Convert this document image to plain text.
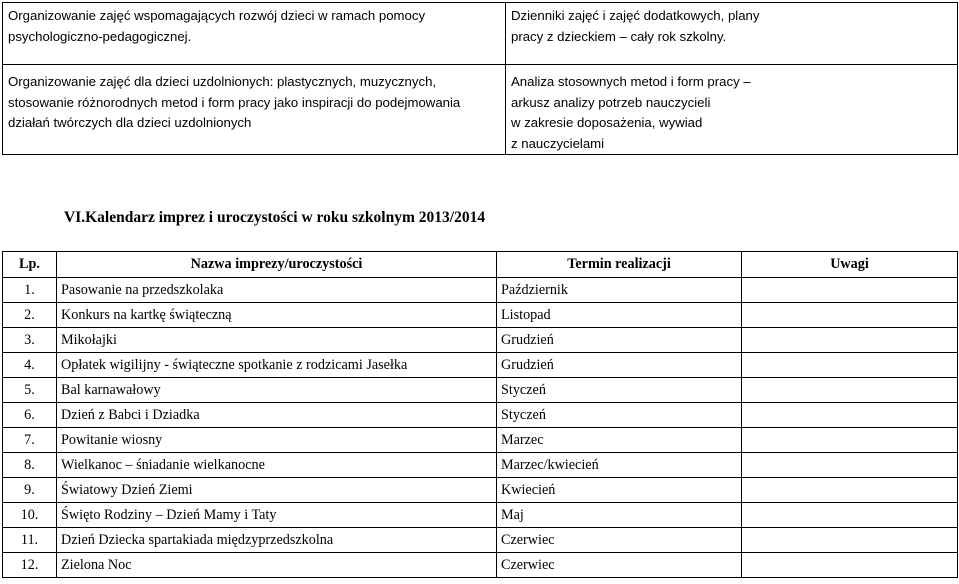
Organizowanie zajęć wspomagających rozwój dzieci w ramach pomocy
psychologiczno-pedagogicznej.	Dzienniki zajęć i zajęć dodatkowych, plany
pracy z dzieckiem – cały rok szkolny.

Organizowanie zajęć dla dzieci uzdolnionych: plastycznych, muzycznych,
stosowanie różnorodnych metod i form pracy jako inspiracji do podejmowania
działań twórczych dla dzieci uzdolnionych	Analiza stosownych metod i form pracy –
arkusz analizy potrzeb nauczycieli
w zakresie doposażenia, wywiad
z nauczycielami
VI.Kalendarz imprez i uroczystości w roku szkolnym 2013/2014
Lp.	Nazwa imprezy/uroczystości	Termin realizacji	Uwagi
1.	Pasowanie na przedszkolaka	Październik	
2.	Konkurs na kartkę świąteczną	Listopad	
3.	Mikołajki	Grudzień	
4.	Opłatek wigilijny - świąteczne spotkanie z rodzicami Jasełka	Grudzień	
5.	Bal karnawałowy	Styczeń	
6.	Dzień z Babci i Dziadka	Styczeń	
7.	Powitanie wiosny	Marzec	
8.	Wielkanoc – śniadanie wielkanocne	Marzec/kwiecień	
9.	Światowy Dzień Ziemi	Kwiecień	
10.	Święto Rodziny – Dzień Mamy i Taty	Maj	
11.	Dzień Dziecka spartakiada międzyprzedszkolna	Czerwiec	
12.	Zielona Noc	Czerwiec	
